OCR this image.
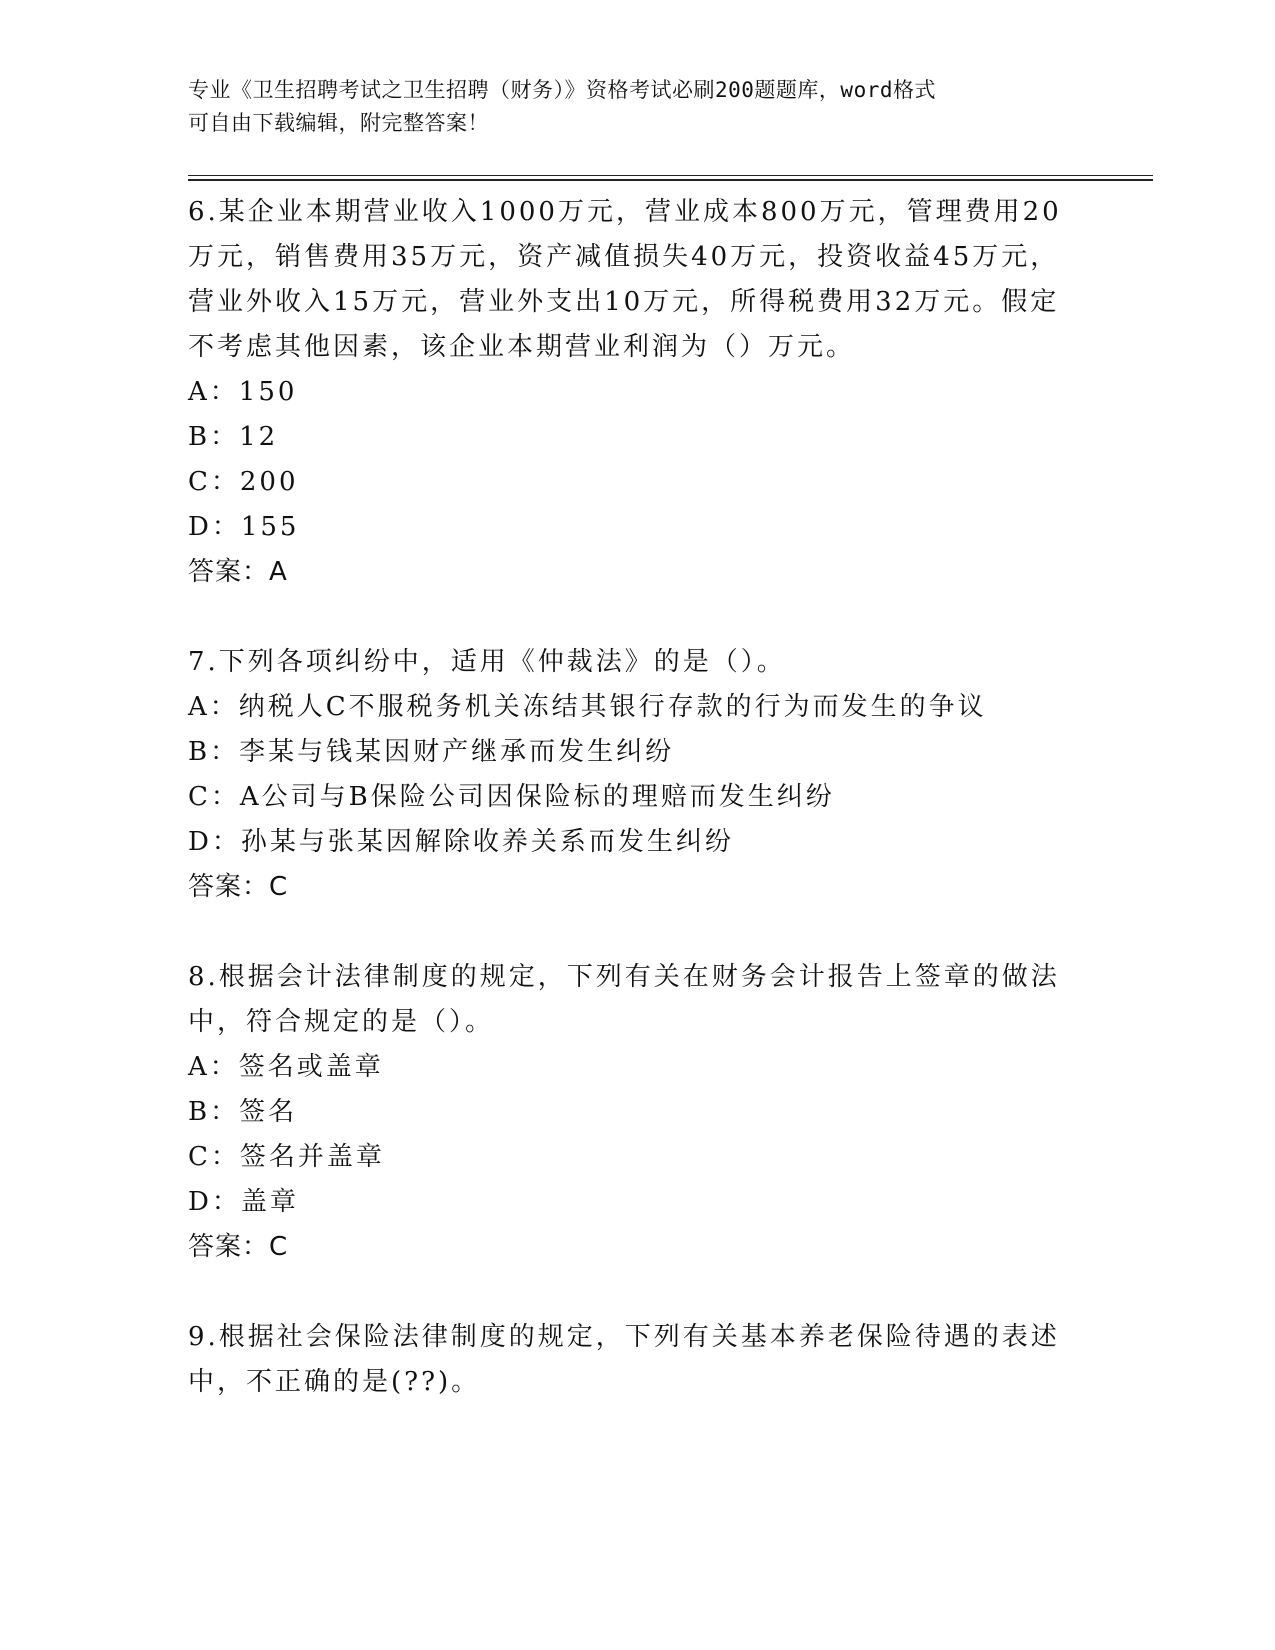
专业《卫生招聘考试之卫生招聘（财务）》资格考试必刷200题题库，word格式
可自由下载编辑，附完整答案！

6.某企业本期营业收入1000万元，营业成本800万元，管理费用20

万元，销售费用35万元，资产减值损失40万元，投资收益45万元，

营业外收入15万元，营业外支出10万元，所得税费用32万元。假定

不考虑其他因素，该企业本期营业利润为（）万元。

A：150

B：12

C：200

D：155

答案：A

7.下列各项纠纷中，适用《仲裁法》的是（）。

A：纳税人C不服税务机关冻结其银行存款的行为而发生的争议

B：李某与钱某因财产继承而发生纠纷

C：A公司与B保险公司因保险标的理赔而发生纠纷

D：孙某与张某因解除收养关系而发生纠纷

答案：C

8.根据会计法律制度的规定，下列有关在财务会计报告上签章的做法

中，符合规定的是（）。

A：签名或盖章

B：签名

C：签名并盖章

D：盖章

答案：C

9.根据社会保险法律制度的规定，下列有关基本养老保险待遇的表述

中，不正确的是(??)。
